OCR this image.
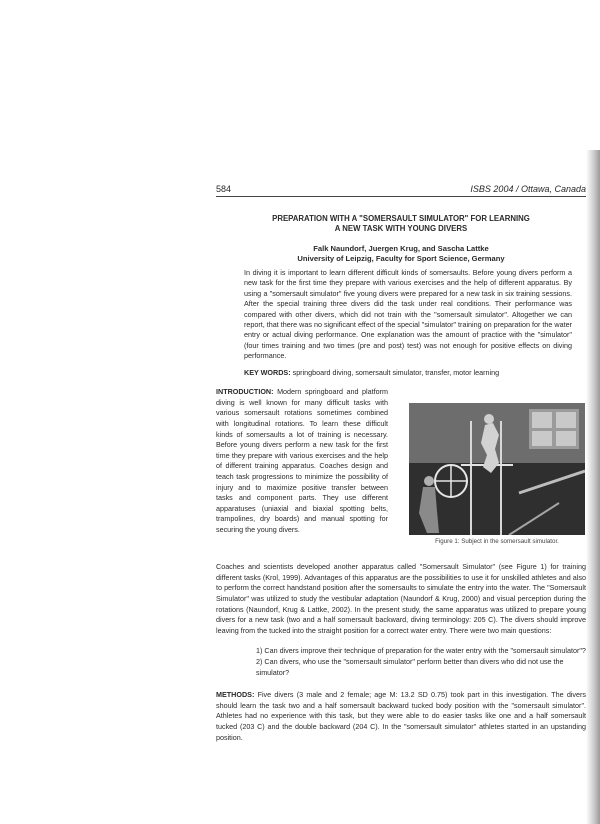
584	ISBS 2004 / Ottawa, Canada
PREPARATION WITH A "SOMERSAULT SIMULATOR" FOR LEARNING
A NEW TASK WITH YOUNG DIVERS
Falk Naundorf, Juergen Krug, and Sascha Lattke
University of Leipzig, Faculty for Sport Science, Germany
In diving it is important to learn different difficult kinds of somersaults. Before young divers perform a new task for the first time they prepare with various exercises and the help of different apparatus. By using a "somersault simulator" five young divers were prepared for a new task in six training sessions. After the special training three divers did the task under real conditions. Their performance was compared with other divers, which did not train with the "somersault simulator". Altogether we can report, that there was no significant effect of the special "simulator" training on preparation for the water entry or actual diving performance. One explanation was the amount of practice with the "simulator" (four times training and two times (pre and post) test) was not enough for positive effects on diving performance.
KEY WORDS: springboard diving, somersault simulator, transfer, motor learning
INTRODUCTION: Modern springboard and platform diving is well known for many difficult tasks with various somersault rotations sometimes combined with longitudinal rotations. To learn these difficult kinds of somersaults a lot of training is necessary. Before young divers perform a new task for the first time they prepare with various exercises and the help of different training apparatus. Coaches design and teach task progressions to minimize the possibility of injury and to maximize positive transfer between tasks and component parts. They use different apparatuses (uniaxial and biaxial spotting belts, trampolines, dry boards) and manual spotting for securing the young divers.
Figure 1: Subject in the somersault simulator.
Coaches and scientists developed another apparatus called "Somersault Simulator" (see Figure 1) for training different tasks (Krol, 1999). Advantages of this apparatus are the possibilities to use it for unskilled athletes and also to perform the correct handstand position after the somersaults to simulate the entry into the water. The "Somersault Simulator" was utilized to study the vestibular adaptation (Naundorf & Krug, 2000) and visual perception during the rotations (Naundorf, Krug & Lattke, 2002). In the present study, the same apparatus was utilized to prepare young divers for a new task (two and a half somersault backward, diving terminology: 205 C). The divers should improve leaving from the tucked into the straight position for a correct water entry. There were two main questions:

1) Can divers improve their technique of preparation for the water entry with the "somersault simulator"?

2) Can divers, who use the "somersault simulator" perform better than divers who did not use the simulator?

METHODS: Five divers (3 male and 2 female; age M: 13.2 SD 0.75) took part in this investigation. The divers should learn the task two and a half somersault backward tucked body position with the "somersault simulator". Athletes had no experience with this task, but they were able to do easier tasks like one and a half somersault tucked (203 C) and the double backward (204 C). In the "somersault simulator" athletes started in an upstanding position.
